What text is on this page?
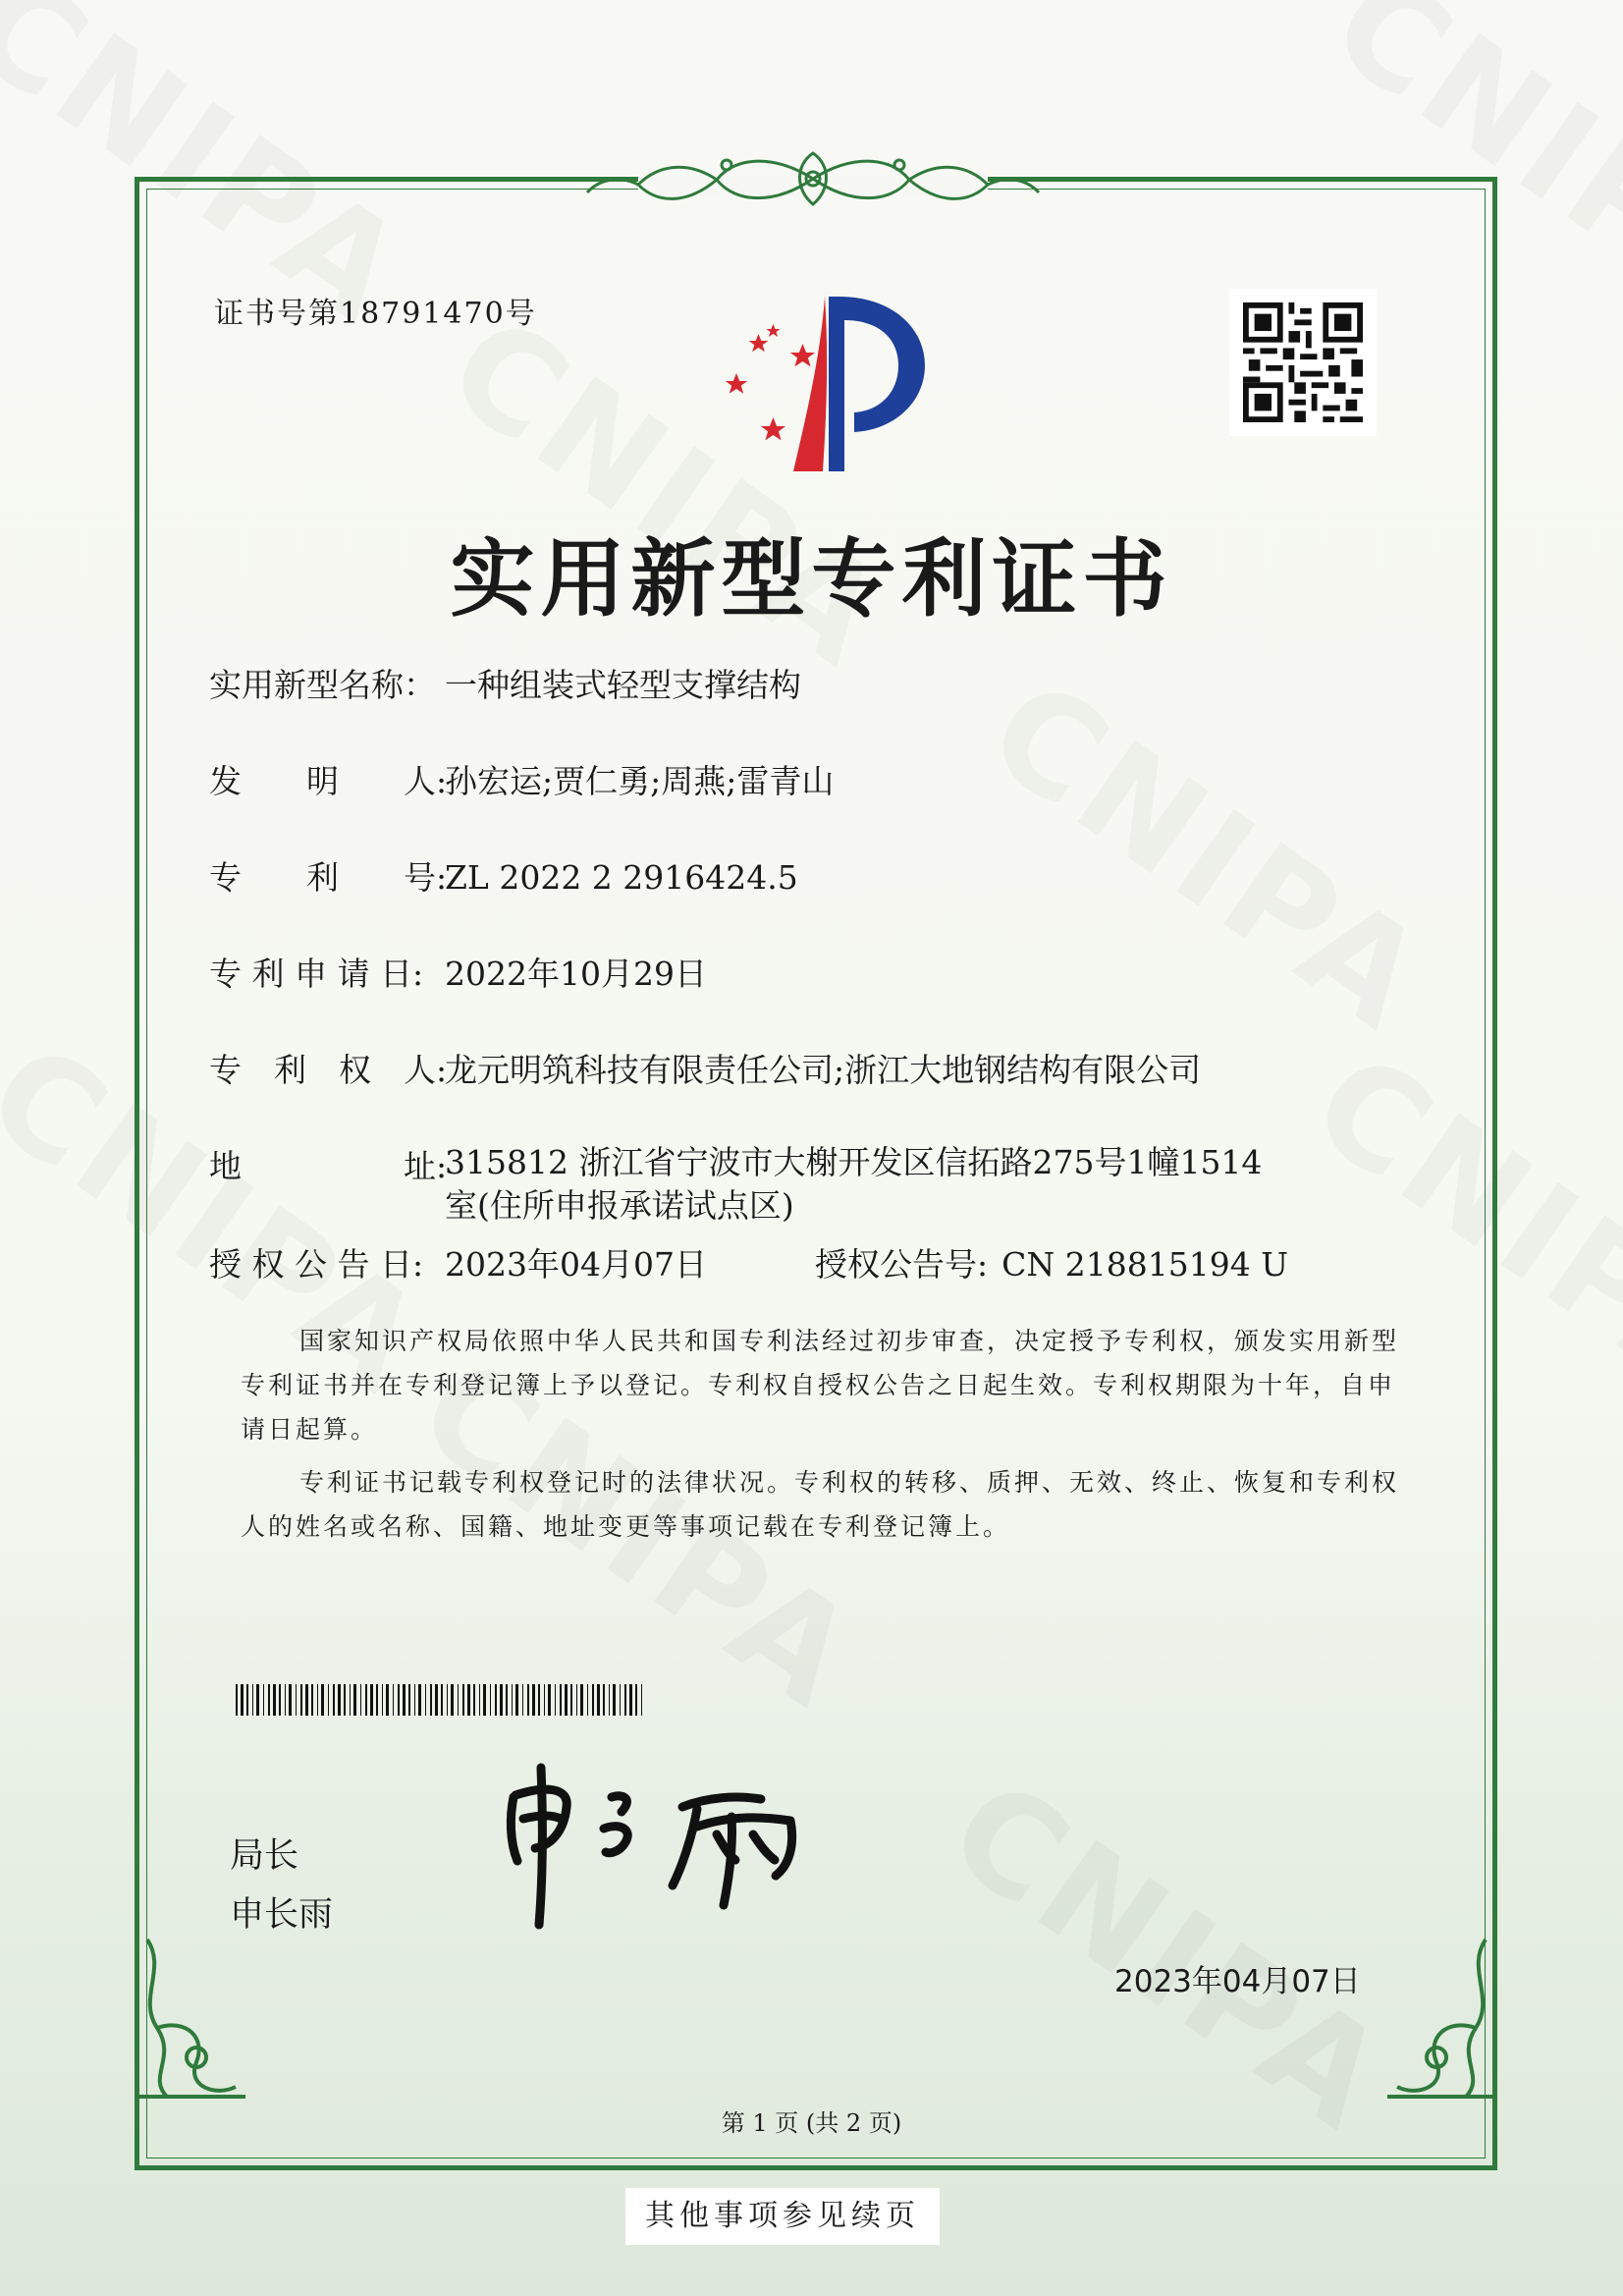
证书号第18791470号
实用新型专利证书
实用新型名称： 一种组装式轻型支撑结构
发　　明　　人:孙宏运;贾仁勇;周燕;雷青山
专　　利　　号:ZL 2022 2 2916424.5
专 利 申 请 日: 2022年10月29日
专　利　权　人:龙元明筑科技有限责任公司;浙江大地钢结构有限公司
地　　　　　址:315812 浙江省宁波市大榭开发区信拓路275号1幢1514室(住所申报承诺试点区)
授 权 公 告 日: 2023年04月07日	授权公告号: CN 218815194 U
国家知识产权局依照中华人民共和国专利法经过初步审查，决定授予专利权，颁发实用新型专利证书并在专利登记簿上予以登记。专利权自授权公告之日起生效。专利权期限为十年，自申请日起算。
专利证书记载专利权登记时的法律状况。专利权的转移、质押、无效、终止、恢复和专利权人的姓名或名称、国籍、地址变更等事项记载在专利登记簿上。
局长
申长雨
2023年04月07日
第 1 页 (共 2 页)
其他事项参见续页
